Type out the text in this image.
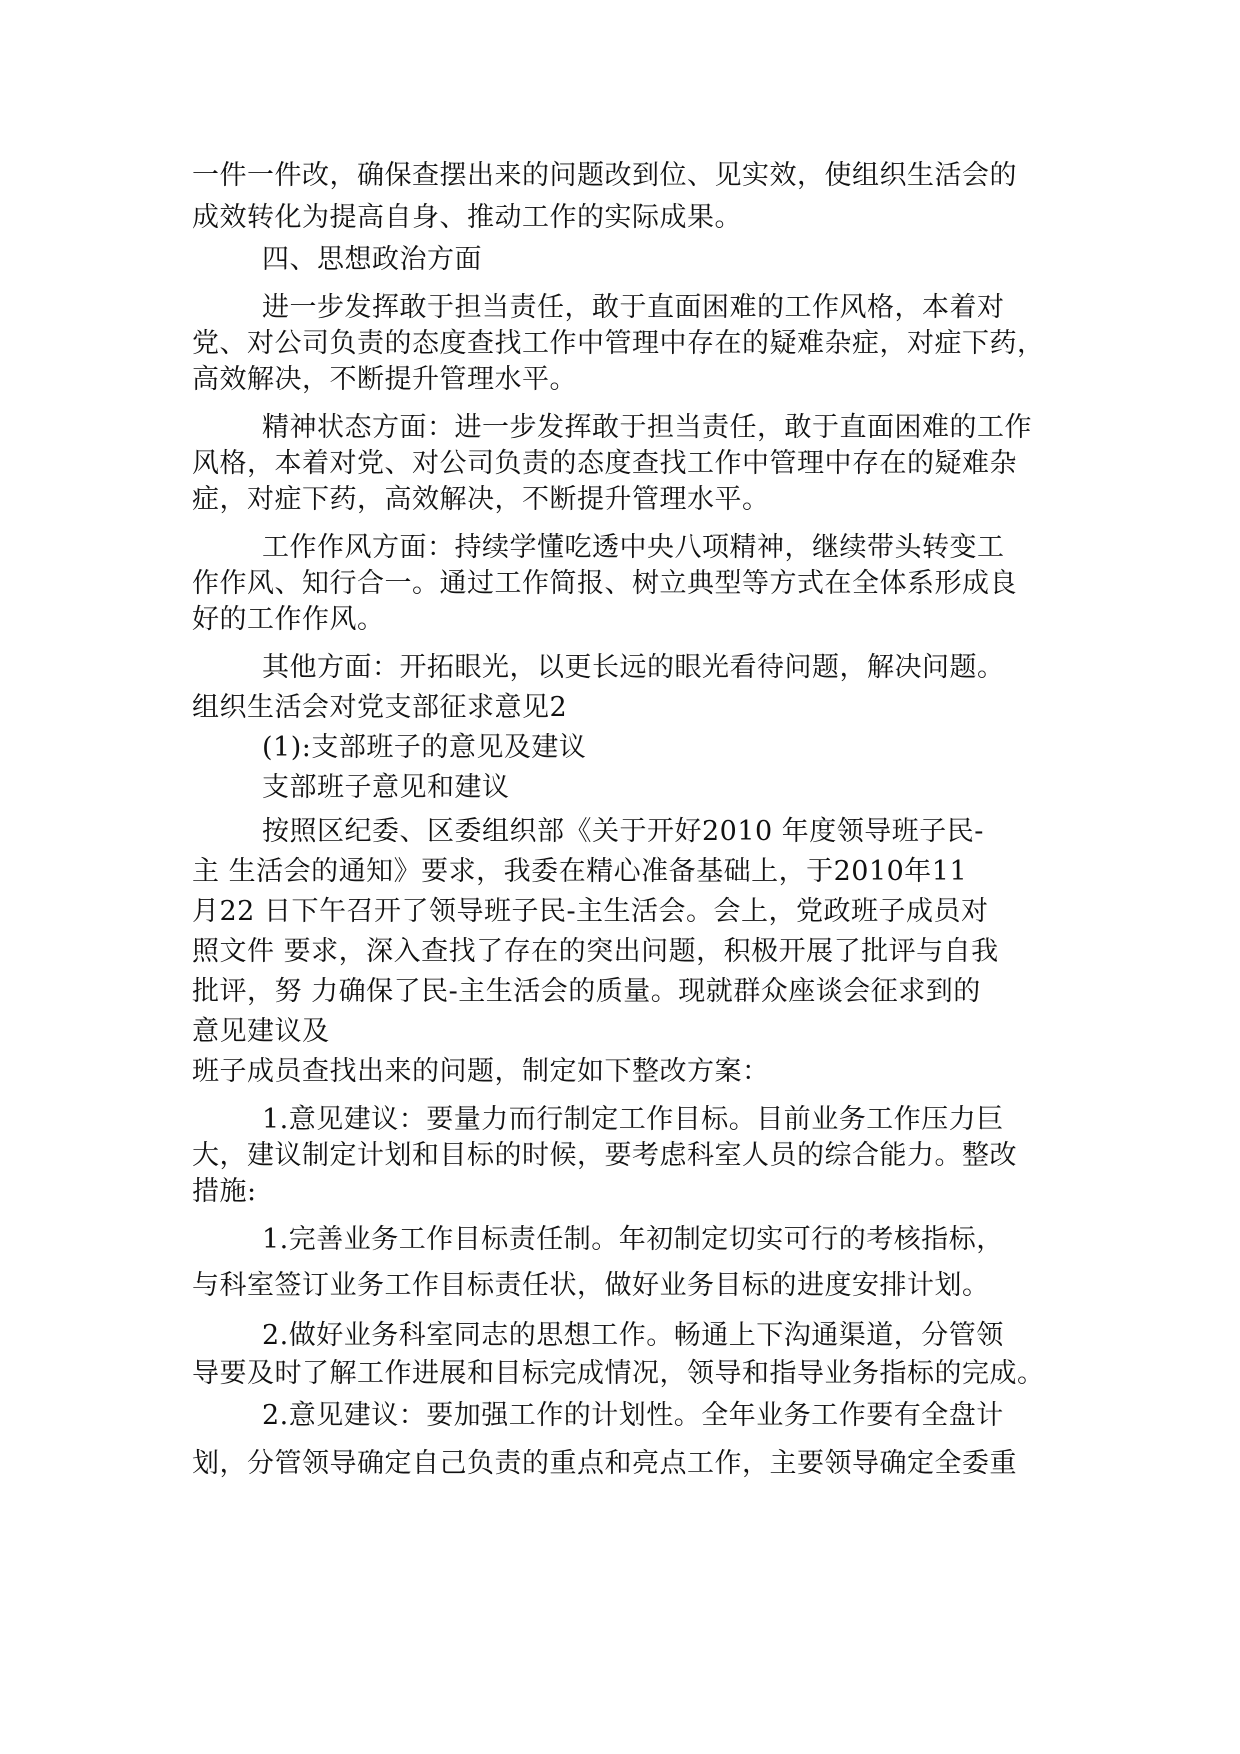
一件一件改，确保查摆出来的问题改到位、见实效，使组织生活会的

成效转化为提高自身、推动工作的实际成果。

四、思想政治方面

进一步发挥敢于担当责任，敢于直面困难的工作风格，本着对

党、对公司负责的态度查找工作中管理中存在的疑难杂症，对症下药，

高效解决，不断提升管理水平。

精神状态方面：进一步发挥敢于担当责任，敢于直面困难的工作

风格，本着对党、对公司负责的态度查找工作中管理中存在的疑难杂

症，对症下药，高效解决，不断提升管理水平。

工作作风方面：持续学懂吃透中央八项精神，继续带头转变工

作作风、知行合一。通过工作简报、树立典型等方式在全体系形成良

好的工作作风。

其他方面：开拓眼光，以更长远的眼光看待问题，解决问题。

组织生活会对党支部征求意见2

(1):支部班子的意见及建议

支部班子意见和建议

按照区纪委、区委组织部《关于开好2010 年度领导班子民-

主 生活会的通知》要求，我委在精心准备基础上，于2010年11

月22 日下午召开了领导班子民-主生活会。会上，党政班子成员对

照文件 要求，深入查找了存在的突出问题，积极开展了批评与自我

批评，努 力确保了民-主生活会的质量。现就群众座谈会征求到的

意见建议及

班子成员查找出来的问题，制定如下整改方案：

1.意见建议：要量力而行制定工作目标。目前业务工作压力巨

大，建议制定计划和目标的时候，要考虑科室人员的综合能力。整改

措施:

1.完善业务工作目标责任制。年初制定切实可行的考核指标，

与科室签订业务工作目标责任状，做好业务目标的进度安排计划。

2.做好业务科室同志的思想工作。畅通上下沟通渠道，分管领

导要及时了解工作进展和目标完成情况，领导和指导业务指标的完成。

2.意见建议：要加强工作的计划性。全年业务工作要有全盘计

划，分管领导确定自己负责的重点和亮点工作，主要领导确定全委重
